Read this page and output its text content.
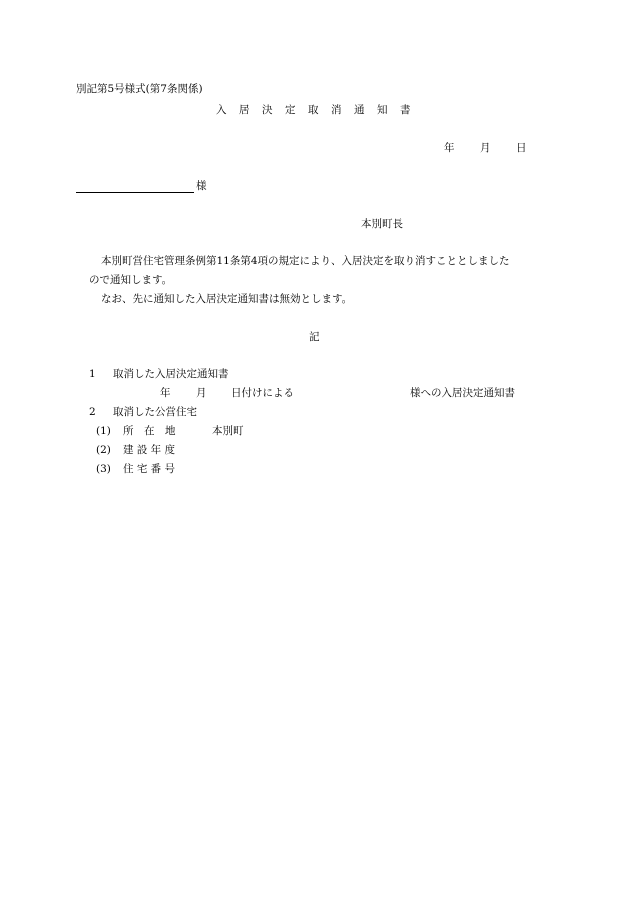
別記第5号様式(第7条関係)
入　居　決　定　取　消　通　知　書
年 月 日
様
本別町長
本別町営住宅管理条例第11条第4項の規定により、入居決定を取り消すこととしました
ので通知します。
なお、先に通知した入居決定通知書は無効とします。
記
1 取消した入居決定通知書
年 月 日付けによる	様への入居決定通知書
2 取消した公営住宅
(1) 所　在　地	本別町
(2) 建 設 年 度
(3) 住 宅 番 号
